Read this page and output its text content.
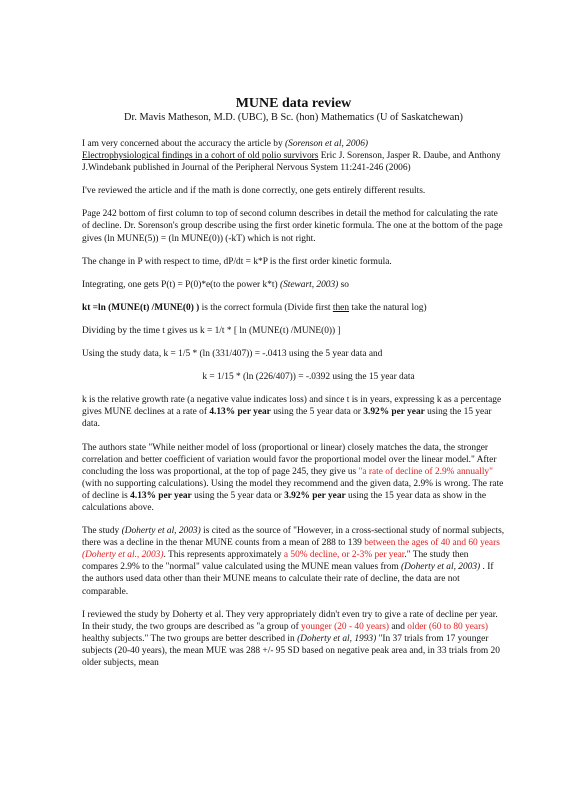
MUNE data review
Dr. Mavis Matheson, M.D. (UBC), B Sc. (hon) Mathematics (U of Saskatchewan)

I am very concerned about the accuracy the article by (Sorenson et al, 2006)
Electrophysiological findings in a cohort of old polio survivors Eric J. Sorenson, Jasper R. Daube, and Anthony J.Windebank published in Journal of the Peripheral Nervous System 11:241-246 (2006)

I've reviewed the article and if the math is done correctly, one gets entirely different results.

Page 242 bottom of first column to top of second column describes in detail the method for calculating the rate of decline. Dr. Sorenson's group describe using the first order kinetic formula. The one at the bottom of the page gives (ln MUNE(5)) = (ln MUNE(0)) (-kT) which is not right.

The change in P with respect to time, dP/dt = k*P is the first order kinetic formula.

Integrating, one gets P(t) = P(0)*e(to the power k*t) (Stewart, 2003) so

kt =ln (MUNE(t) /MUNE(0) ) is the correct formula (Divide first then take the natural log)

Dividing by the time t gives us k = 1/t * [ ln (MUNE(t) /MUNE(0)) ]

Using the study data, k = 1/5 * (ln (331/407)) = -.0413 using the 5 year data and

k = 1/15 * (ln (226/407)) = -.0392 using the 15 year data

k is the relative growth rate (a negative value indicates loss) and since t is in years, expressing k as a percentage gives MUNE declines at a rate of 4.13% per year using the 5 year data or 3.92% per year using the 15 year data.

The authors state "While neither model of loss (proportional or linear) closely matches the data, the stronger correlation and better coefficient of variation would favor the proportional model over the linear model." After concluding the loss was proportional, at the top of page 245, they give us "a rate of decline of 2.9% annually" (with no supporting calculations). Using the model they recommend and the given data, 2.9% is wrong. The rate of decline is 4.13% per year using the 5 year data or 3.92% per year using the 15 year data as show in the calculations above.

The study (Doherty et al, 2003) is cited as the source of "However, in a cross-sectional study of normal subjects, there was a decline in the thenar MUNE counts from a mean of 288 to 139 between the ages of 40 and 60 years (Doherty et al., 2003). This represents approximately a 50% decline, or 2-3% per year." The study then compares 2.9% to the "normal" value calculated using the MUNE mean values from (Doherty et al, 2003) . If the authors used data other than their MUNE means to calculate their rate of decline, the data are not comparable.

I reviewed the study by Doherty et al. They very appropriately didn't even try to give a rate of decline per year. In their study, the two groups are described as "a group of younger (20 - 40 years) and older (60 to 80 years) healthy subjects." The two groups are better described in (Doherty et al, 1993) "In 37 trials from 17 younger subjects (20-40 years), the mean MUE was 288 +/- 95 SD based on negative peak area and, in 33 trials from 20 older subjects, mean
